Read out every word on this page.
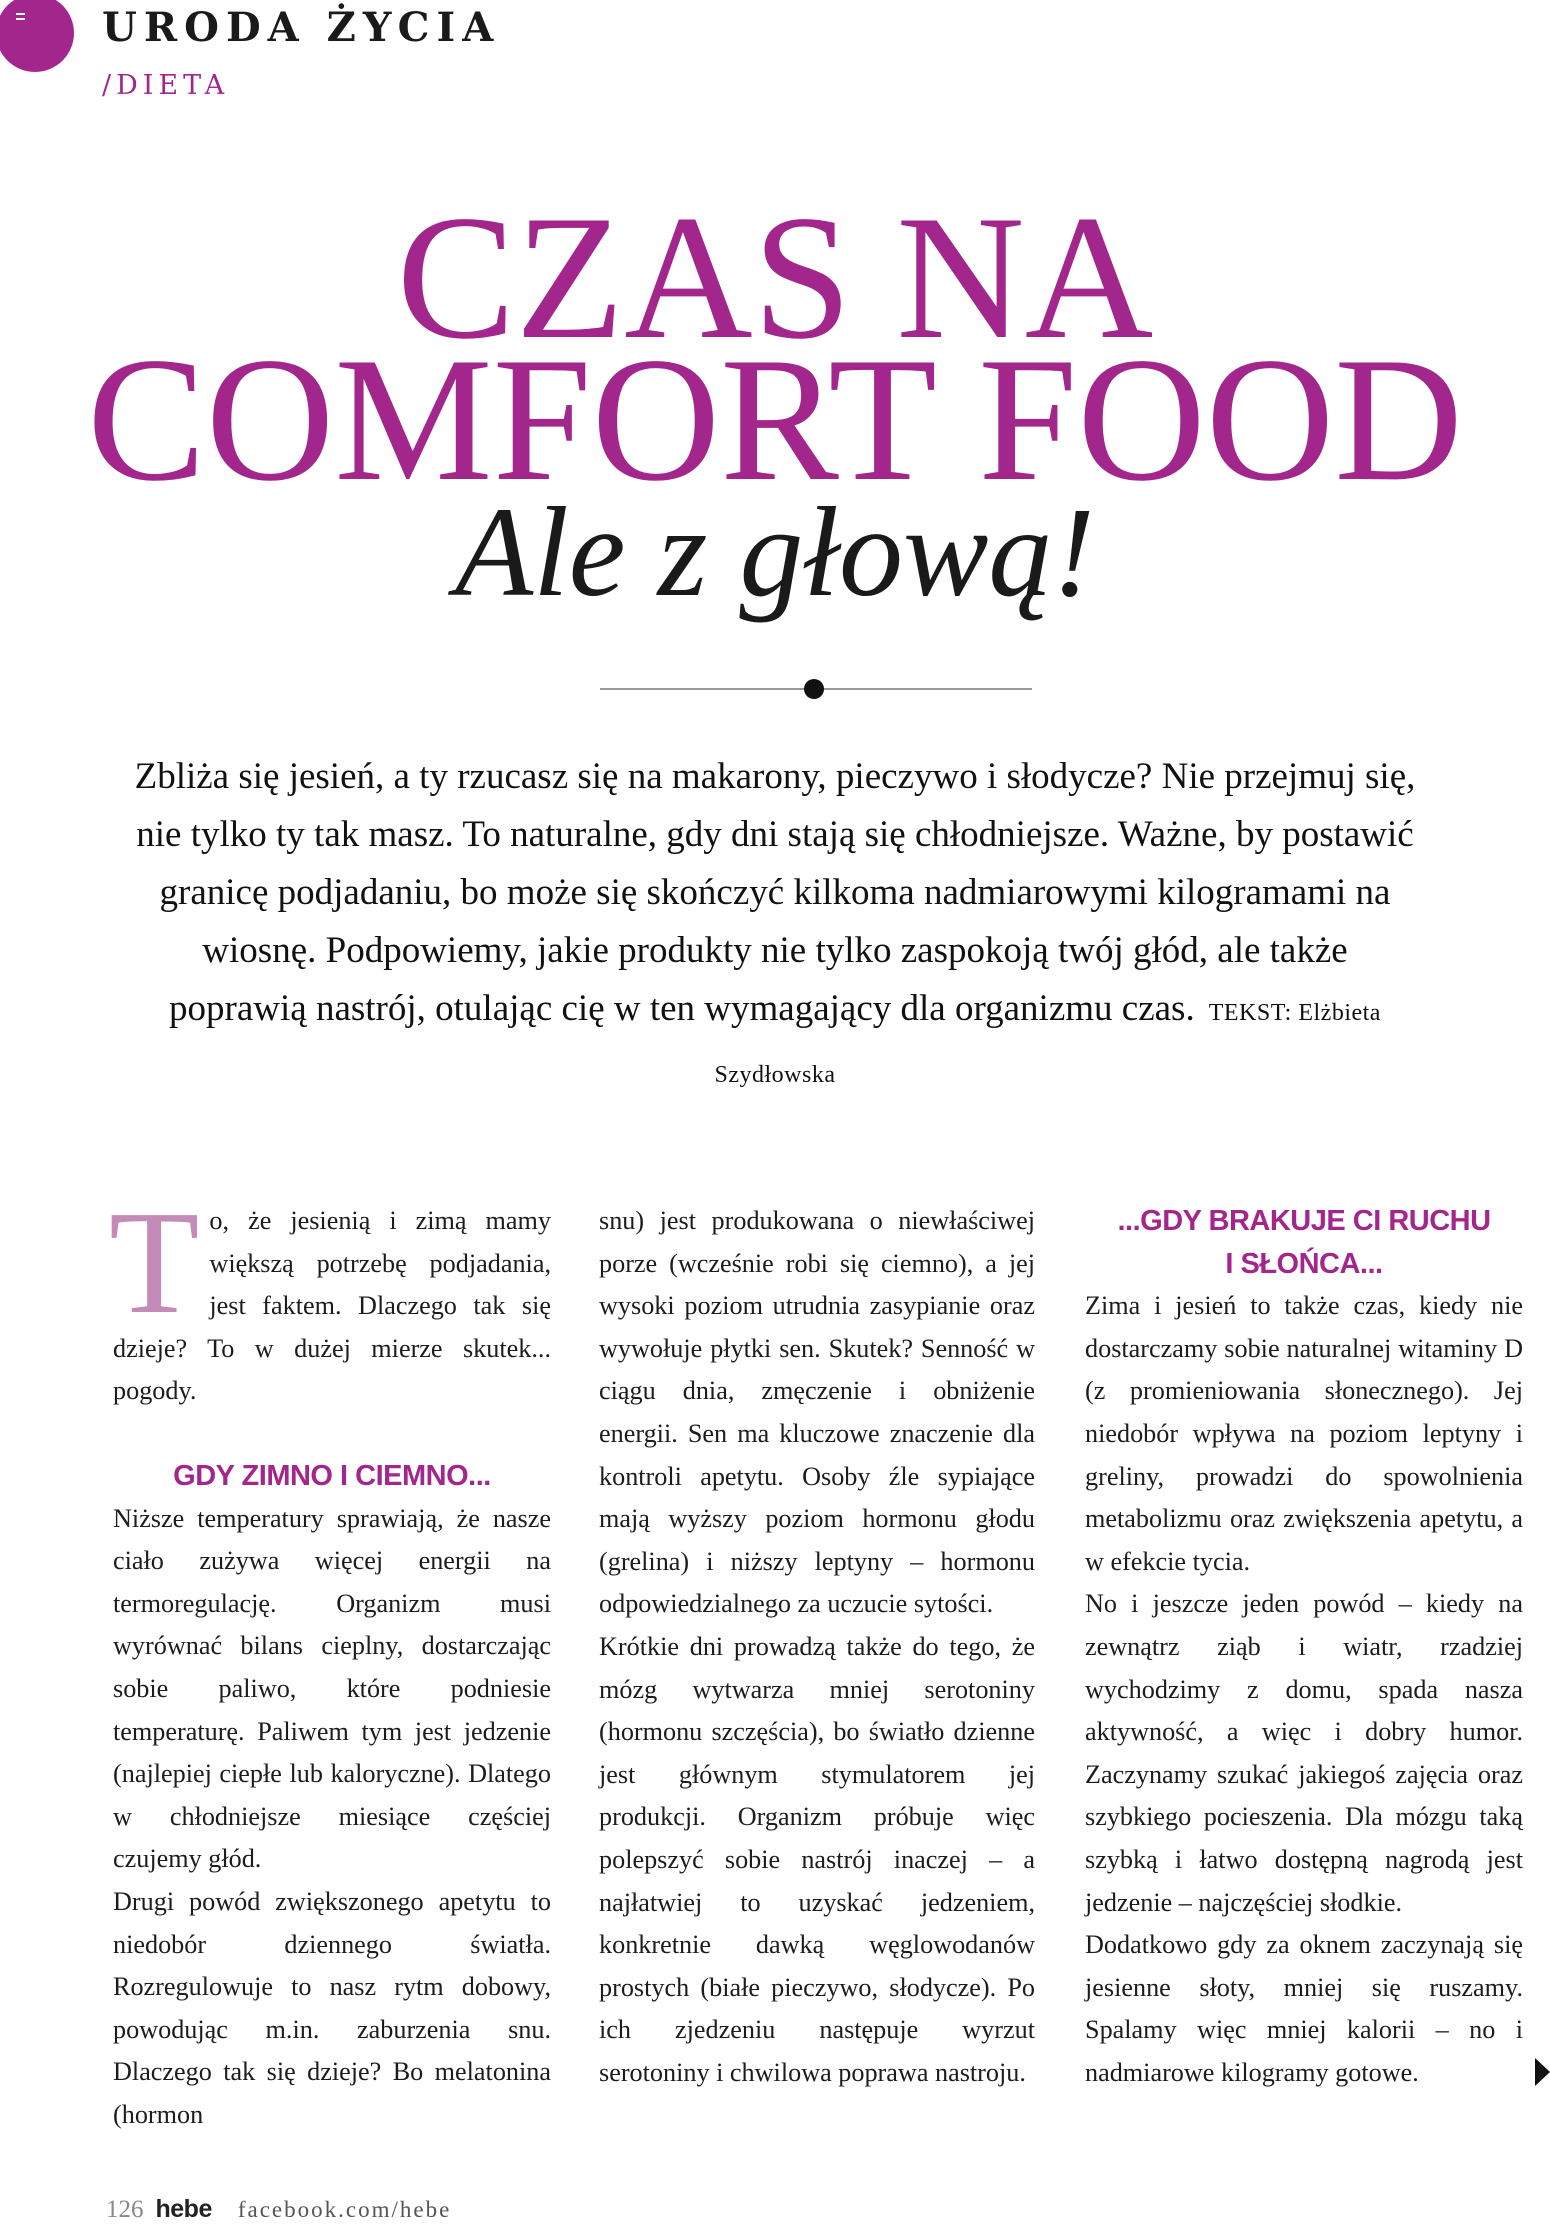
URODA ŻYCIA
/DIETA
CZAS NA
COMFORT FOOD
Ale z głową!
Zbliża się jesień, a ty rzucasz się na makarony, pieczywo i słodycze? Nie przejmuj się, nie tylko ty tak masz. To naturalne, gdy dni stają się chłodniejsze. Ważne, by postawić granicę podjadaniu, bo może się skończyć kilkoma nadmiarowymi kilogramami na wiosnę. Podpowiemy, jakie produkty nie tylko zaspokoją twój głód, ale także poprawią nastrój, otulając cię w ten wymagający dla organizmu czas. TEKST: Elżbieta Szydłowska

To, że jesienią i zimą mamy większą potrzebę podjadania, jest faktem. Dlaczego tak się dzieje? To w dużej mierze skutek... pogody.

GDY ZIMNO I CIEMNO...

Niższe temperatury sprawiają, że nasze ciało zużywa więcej energii na termoregulację. Organizm musi wyrównać bilans cieplny, dostarczając sobie paliwo, które podniesie temperaturę. Paliwem tym jest jedzenie (najlepiej ciepłe lub kaloryczne). Dlatego w chłodniejsze miesiące częściej czujemy głód.

Drugi powód zwiększonego apetytu to niedobór dziennego światła. Rozregulowuje to nasz rytm dobowy, powodując m.in. zaburzenia snu. Dlaczego tak się dzieje? Bo melatonina (hormon

snu) jest produkowana o niewłaściwej porze (wcześnie robi się ciemno), a jej wysoki poziom utrudnia zasypianie oraz wywołuje płytki sen. Skutek? Senność w ciągu dnia, zmęczenie i obniżenie energii. Sen ma kluczowe znaczenie dla kontroli apetytu. Osoby źle sypiające mają wyższy poziom hormonu głodu (grelina) i niższy leptyny – hormonu odpowiedzialnego za uczucie sytości.

Krótkie dni prowadzą także do tego, że mózg wytwarza mniej serotoniny (hormonu szczęścia), bo światło dzienne jest głównym stymulatorem jej produkcji. Organizm próbuje więc polepszyć sobie nastrój inaczej – a najłatwiej to uzyskać jedzeniem, konkretnie dawką węglowodanów prostych (białe pieczywo, słodycze). Po ich zjedzeniu następuje wyrzut serotoniny i chwilowa poprawa nastroju.

...GDY BRAKUJE CI RUCHU

I SŁOŃCA...

Zima i jesień to także czas, kiedy nie dostarczamy sobie naturalnej witaminy D (z promieniowania słonecznego). Jej niedobór wpływa na poziom leptyny i greliny, prowadzi do spowolnienia metabolizmu oraz zwiększenia apetytu, a w efekcie tycia.

No i jeszcze jeden powód – kiedy na zewnątrz ziąb i wiatr, rzadziej wychodzimy z domu, spada nasza aktywność, a więc i dobry humor. Zaczynamy szukać jakiegoś zajęcia oraz szybkiego pocieszenia. Dla mózgu taką szybką i łatwo dostępną nagrodą jest jedzenie – najczęściej słodkie.

Dodatkowo gdy za oknem zaczynają się jesienne słoty, mniej się ruszamy. Spalamy więc mniej kalorii – no i nadmiarowe kilogramy gotowe.

126 hebe facebook.com/hebe
